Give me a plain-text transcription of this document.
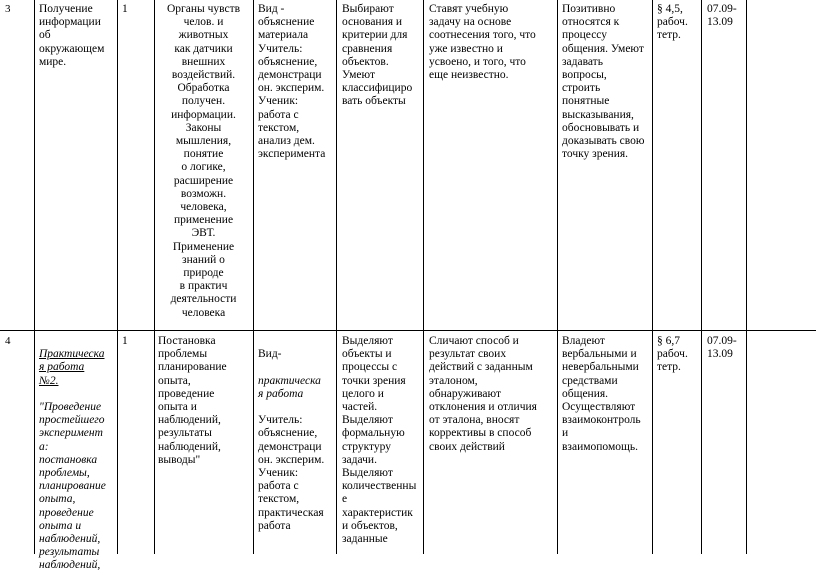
3 Получение
информации
об
окружающем
мире.
1	Органы чувств
челов. и
животных
как датчики
внешних
воздействий.
Обработка
получен.
информации.
Законы
мышления,
понятие
о логике,
расширение
возможн.
человека,
применение
ЭВТ.
Применение
знаний о
природе
в практич
деятельности
человека
Вид -
объяснение
материала
Учитель:
объяснение,
демонстраци
он. эксперим.
Ученик:
работа с
текстом,
анализ дем.
эксперимента
Выбирают
основания и
критерии для
сравнения
объектов.
Умеют
классифициро
вать объекты
Ставят учебную
задачу на основе
соотнесения того, что
уже известно и
усвоено, и того, что
еще неизвестно.
Позитивно
относятся к
процессу
общения. Умеют
задавать
вопросы,
строить
понятные
высказывания,
обосновывать и
доказывать свою
точку зрения.
§ 4,5,
рабоч.
тетр.
07.09-
13.09
4

Практическа
я работа
№2.

"Проведение
простейшего
эксперимент
а:
постановка
проблемы,
планирование
опыта,
проведение
опыта и
наблюдений,
результаты
наблюдений,

1	Постановка
проблемы
планирование
опыта,
проведение
опыта и
наблюдений,
результаты
наблюдений,
выводы"

Вид-

практическа
я работа

Учитель:
объяснение,
демонстраци
он. эксперим.
Ученик:
работа с
текстом,
практическая
работа

Выделяют
объекты и
процессы с
точки зрения
целого и
частей.
Выделяют
формальную
структуру
задачи.
Выделяют
количественны
е
характеристик
и объектов,
заданные
Сличают способ и
результат своих
действий с заданным
эталоном,
обнаруживают
отклонения и отличия
от эталона, вносят
коррективы в способ
своих действий
Владеют
вербальными и
невербальными
средствами
общения.
Осуществляют
взаимоконтроль
и
взаимопомощь.
§ 6,7
рабоч.
тетр.
07.09-
13.09
